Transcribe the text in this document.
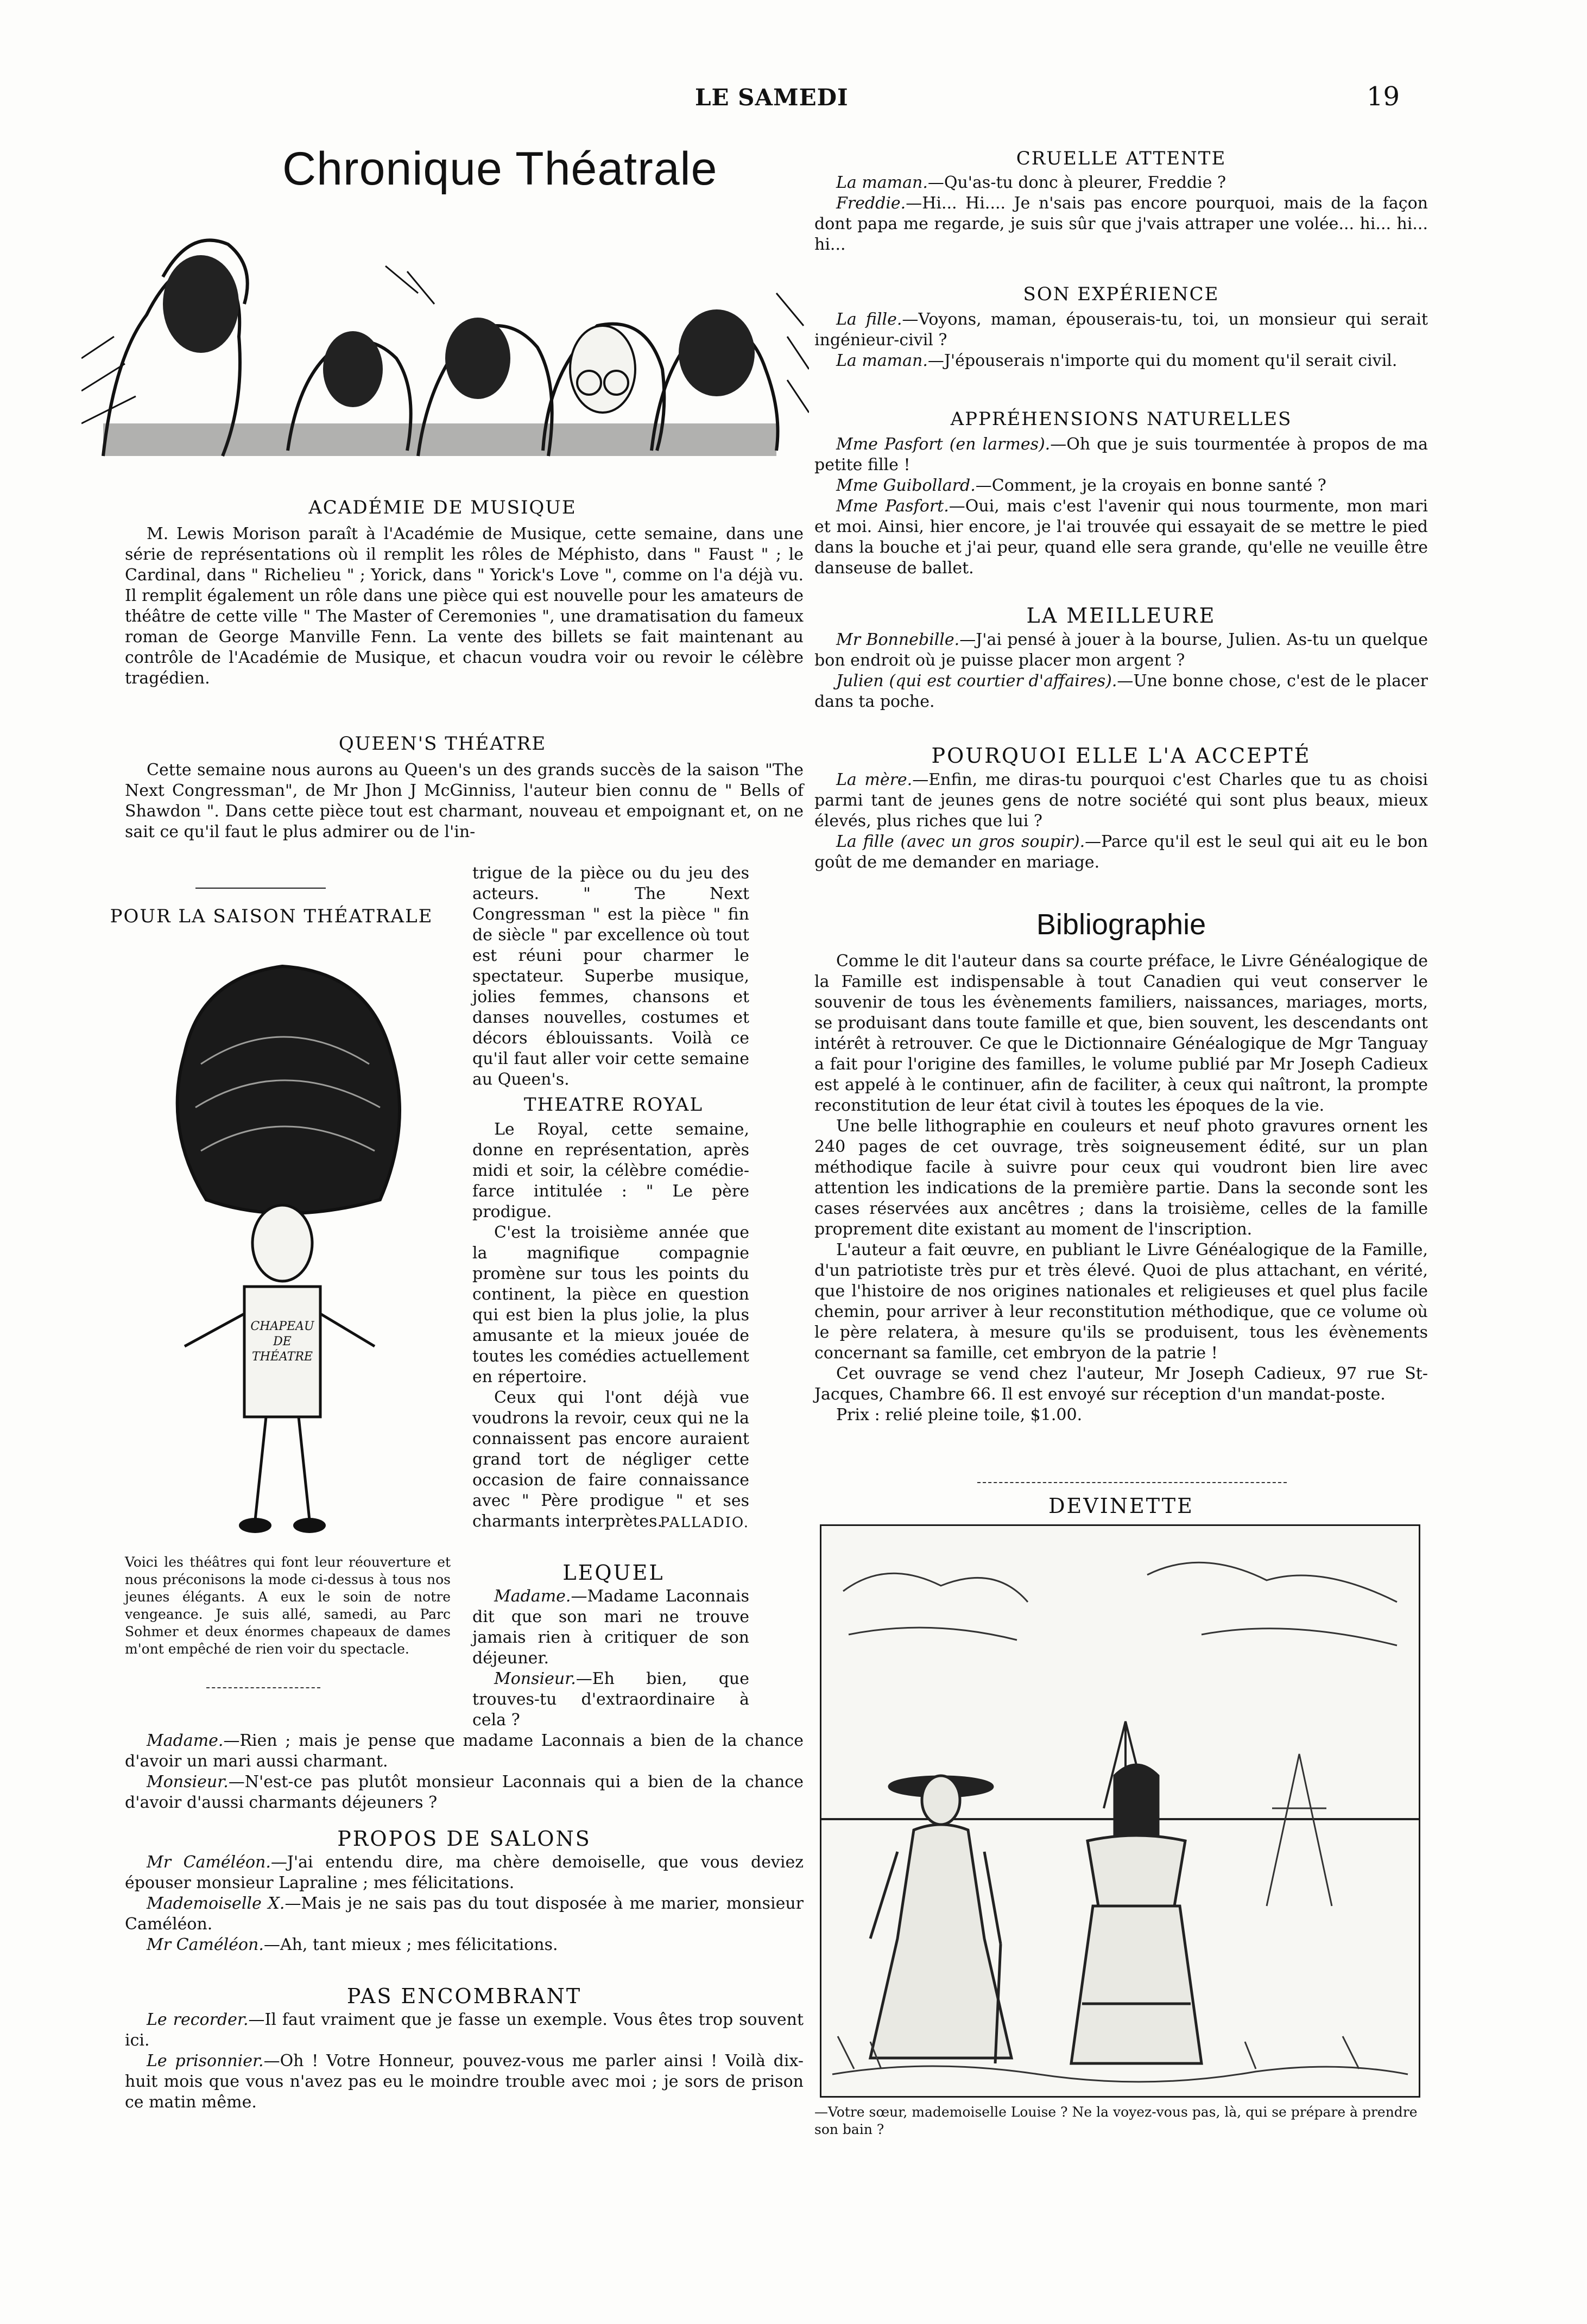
LE SAMEDI	19
Chronique Théatrale
ACADÉMIE DE MUSIQUE

M. Lewis Morison paraît à l'Académie de Musique, cette semaine, dans une série de représentations où il remplit les rôles de Méphisto, dans " Faust " ; le Cardinal, dans " Richelieu " ; Yorick, dans " Yorick's Love ", comme on l'a déjà vu. Il remplit également un rôle dans une pièce qui est nouvelle pour les amateurs de théâtre de cette ville " The Master of Ceremonies ", une dramatisation du fameux roman de George Manville Fenn. La vente des billets se fait maintenant au contrôle de l'Académie de Musique, et chacun voudra voir ou revoir le célèbre tragédien.

QUEEN'S THÉATRE

Cette semaine nous aurons au Queen's un des grands succès de la saison "The Next Congressman", de Mr Jhon J McGinniss, l'auteur bien connu de " Bells of Shawdon ". Dans cette pièce tout est charmant, nouveau et empoignant et, on ne sait ce qu'il faut le plus admirer ou de l'in-

trigue de la pièce ou du jeu des acteurs. " The Next Congressman " est la pièce " fin de siècle " par excellence où tout est réuni pour charmer le spectateur. Superbe musique, jolies femmes, chansons et danses nouvelles, costumes et décors éblouissants. Voilà ce qu'il faut aller voir cette semaine au Queen's.

POUR LA SAISON THÉATRALE
CHAPEAU DE THÉATRE
Voici les théâtres qui font leur réouverture et nous préconisons la mode ci-dessus à tous nos jeunes élégants. A eux le soin de notre vengeance. Je suis allé, samedi, au Parc Sohmer et deux énormes chapeaux de dames m'ont empêché de rien voir du spectacle.
THEATRE ROYAL

Le Royal, cette semaine, donne en représentation, après midi et soir, la célèbre comédie-farce intitulée : " Le père prodigue.

C'est la troisième année que la magnifique compagnie promène sur tous les points du continent, la pièce en question qui est bien la plus jolie, la plus amusante et la mieux jouée de toutes les comédies actuellement en répertoire.

Ceux qui l'ont déjà vue voudrons la revoir, ceux qui ne la connaissent pas encore auraient grand tort de négliger cette occasion de faire connaissance avec " Père prodigue " et ses charmants interprètes.

PALLADIO.
LEQUEL

Madame.—Madame Laconnais dit que son mari ne trouve jamais rien à critiquer de son déjeuner.

Monsieur.—Eh bien, que trouves-tu d'extraordinaire à cela ?

Madame.—Rien ; mais je pense que madame Laconnais a bien de la chance d'avoir un mari aussi charmant.

Monsieur.—N'est-ce pas plutôt monsieur Laconnais qui a bien de la chance d'avoir d'aussi charmants déjeuners ?

PROPOS DE SALONS

Mr Caméléon.—J'ai entendu dire, ma chère demoiselle, que vous deviez épouser monsieur Lapraline ; mes félicitations.

Mademoiselle X.—Mais je ne sais pas du tout disposée à me marier, monsieur Caméléon.

Mr Caméléon.—Ah, tant mieux ; mes félicitations.

PAS ENCOMBRANT

Le recorder.—Il faut vraiment que je fasse un exemple. Vous êtes trop souvent ici.

Le prisonnier.—Oh ! Votre Honneur, pouvez-vous me parler ainsi ! Voilà dix-huit mois que vous n'avez pas eu le moindre trouble avec moi ; je sors de prison ce matin même.

CRUELLE ATTENTE

La maman.—Qu'as-tu donc à pleurer, Freddie ?

Freddie.—Hi... Hi.... Je n'sais pas encore pourquoi, mais de la façon dont papa me regarde, je suis sûr que j'vais attraper une volée... hi... hi... hi...

SON EXPÉRIENCE

La fille.—Voyons, maman, épouserais-tu, toi, un monsieur qui serait ingénieur-civil ?

La maman.—J'épouserais n'importe qui du moment qu'il serait civil.

APPRÉHENSIONS NATURELLES

Mme Pasfort (en larmes).—Oh que je suis tourmentée à propos de ma petite fille !

Mme Guibollard.—Comment, je la croyais en bonne santé ?

Mme Pasfort.—Oui, mais c'est l'avenir qui nous tourmente, mon mari et moi. Ainsi, hier encore, je l'ai trouvée qui essayait de se mettre le pied dans la bouche et j'ai peur, quand elle sera grande, qu'elle ne veuille être danseuse de ballet.

LA MEILLEURE

Mr Bonnebille.—J'ai pensé à jouer à la bourse, Julien. As-tu un quelque bon endroit où je puisse placer mon argent ?

Julien (qui est courtier d'affaires).—Une bonne chose, c'est de le placer dans ta poche.

POURQUOI ELLE L'A ACCEPTÉ

La mère.—Enfin, me diras-tu pourquoi c'est Charles que tu as choisi parmi tant de jeunes gens de notre société qui sont plus beaux, mieux élevés, plus riches que lui ?

La fille (avec un gros soupir).—Parce qu'il est le seul qui ait eu le bon goût de me demander en mariage.

Bibliographie

Comme le dit l'auteur dans sa courte préface, le Livre Généalogique de la Famille est indispensable à tout Canadien qui veut conserver le souvenir de tous les évènements familiers, naissances, mariages, morts, se produisant dans toute famille et que, bien souvent, les descendants ont intérêt à retrouver. Ce que le Dictionnaire Généalogique de Mgr Tanguay a fait pour l'origine des familles, le volume publié par Mr Joseph Cadieux est appelé à le continuer, afin de faciliter, à ceux qui naîtront, la prompte reconstitution de leur état civil à toutes les époques de la vie.

Une belle lithographie en couleurs et neuf photo gravures ornent les 240 pages de cet ouvrage, très soigneusement édité, sur un plan méthodique facile à suivre pour ceux qui voudront bien lire avec attention les indications de la première partie. Dans la seconde sont les cases réservées aux ancêtres ; dans la troisième, celles de la famille proprement dite existant au moment de l'inscription.

L'auteur a fait œuvre, en publiant le Livre Généalogique de la Famille, d'un patriotiste très pur et très élevé. Quoi de plus attachant, en vérité, que l'histoire de nos origines nationales et religieuses et quel plus facile chemin, pour arriver à leur reconstitution méthodique, que ce volume où le père relatera, à mesure qu'ils se produisent, tous les évènements concernant sa famille, cet embryon de la patrie !

Cet ouvrage se vend chez l'auteur, Mr Joseph Cadieux, 97 rue St-Jacques, Chambre 66. Il est envoyé sur réception d'un mandat-poste.

Prix : relié pleine toile, $1.00.

DEVINETTE
—Votre sœur, mademoiselle Louise ? Ne la voyez-vous pas, là, qui se prépare à prendre son bain ?
